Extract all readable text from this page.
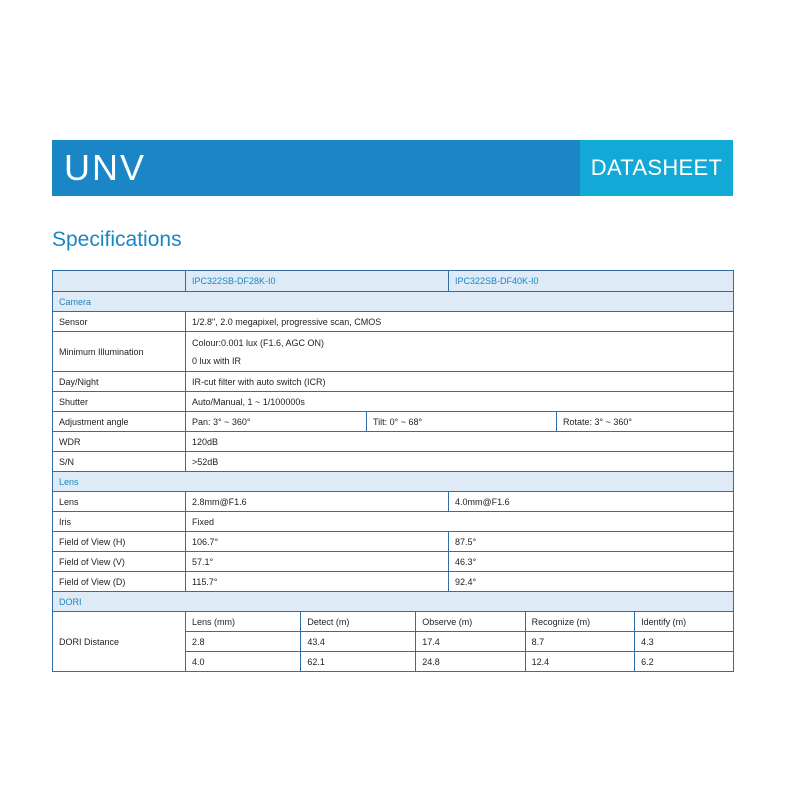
UNV	DATASHEET
Specifications
	IPC322SB-DF28K-I0	IPC322SB-DF40K-I0
Camera
Sensor	1/2.8", 2.0 megapixel, progressive scan, CMOS
Minimum Illumination	
Colour:0.001 lux (F1.6, AGC ON)
0 lux with IR

Day/Night	IR-cut filter with auto switch (ICR)
Shutter	Auto/Manual, 1 ~ 1/100000s
Adjustment angle	Pan: 3° ~ 360°	Tilt: 0° ~ 68°	Rotate: 3° ~ 360°
WDR	120dB
S/N	>52dB
Lens
Lens	2.8mm@F1.6	4.0mm@F1.6
Iris	Fixed
Field of View (H)	106.7°	87.5°
Field of View (V)	57.1°	46.3°
Field of View (D)	115.7°	92.4°
DORI
DORI Distance	
Lens (mm)	Detect (m)	Observe (m)	Recognize (m)	Identify (m)
2.8	43.4	17.4	8.7	4.3
4.0	62.1	24.8	12.4	6.2
